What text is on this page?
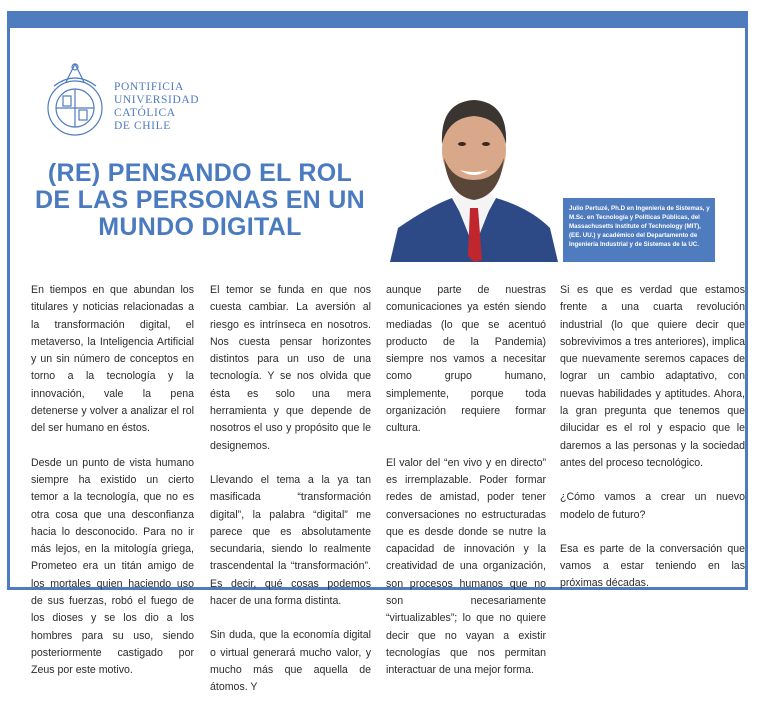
PONTIFICIA
UNIVERSIDAD
CATÓLICA
DE CHILE
(RE) PENSANDO EL ROL
DE LAS PERSONAS EN UN
MUNDO DIGITAL
Julio Pertuzé, Ph.D en Ingeniería de Sistemas, y M.Sc. en Tecnología y Políticas Públicas, del Massachusetts Institute of Technology (MIT), (EE. UU.) y académico del Departamento de Ingeniería Industrial y de Sistemas de la UC.

En tiempos en que abundan los titulares y noticias relacionadas a la transformación digital, el metaverso, la Inteligencia Artificial y un sin número de conceptos en torno a la tecnología y la innovación, vale la pena detenerse y volver a analizar el rol del ser humano en éstos.

Desde un punto de vista humano siempre ha existido un cierto temor a la tecnología, que no es otra cosa que una desconfianza hacia lo desconocido. Para no ir más lejos, en la mitología griega, Prometeo era un titán amigo de los mortales quien haciendo uso de sus fuerzas, robó el fuego de los dioses y se los dio a los hombres para su uso, siendo posteriormente castigado por Zeus por este motivo.

El temor se funda en que nos cuesta cambiar. La aversión al riesgo es intrínseca en nosotros. Nos cuesta pensar horizontes distintos para un uso de una tecnología. Y se nos olvida que ésta es solo una mera herramienta y que depende de nosotros el uso y propósito que le designemos.

Llevando el tema a la ya tan masificada “transformación digital”, la palabra “digital” me parece que es absolutamente secundaria, siendo lo realmente trascendental la “transformación”. Es decir, qué cosas podemos hacer de una forma distinta.

Sin duda, que la economía digital o virtual generará mucho valor, y mucho más que aquella de átomos. Y

aunque parte de nuestras comunicaciones ya estén siendo mediadas (lo que se acentuó producto de la Pandemia) siempre nos vamos a necesitar como grupo humano, simplemente, porque toda organización requiere formar cultura.

El valor del “en vivo y en directo” es irremplazable. Poder formar redes de amistad, poder tener conversaciones no estructuradas que es desde donde se nutre la capacidad de innovación y la creatividad de una organización, son procesos humanos que no son necesariamente “virtualizables”; lo que no quiere decir que no vayan a existir tecnologías que nos permitan interactuar de una mejor forma.

Si es que es verdad que estamos frente a una cuarta revolución industrial (lo que quiere decir que sobrevivimos a tres anteriores), implica que nuevamente seremos capaces de lograr un cambio adaptativo, con nuevas habilidades y aptitudes. Ahora, la gran pregunta que tenemos que dilucidar es el rol y espacio que le daremos a las personas y la sociedad antes del proceso tecnológico.

¿Cómo vamos a crear un nuevo modelo de futuro?

Esa es parte de la conversación que vamos a estar teniendo en las próximas décadas.
